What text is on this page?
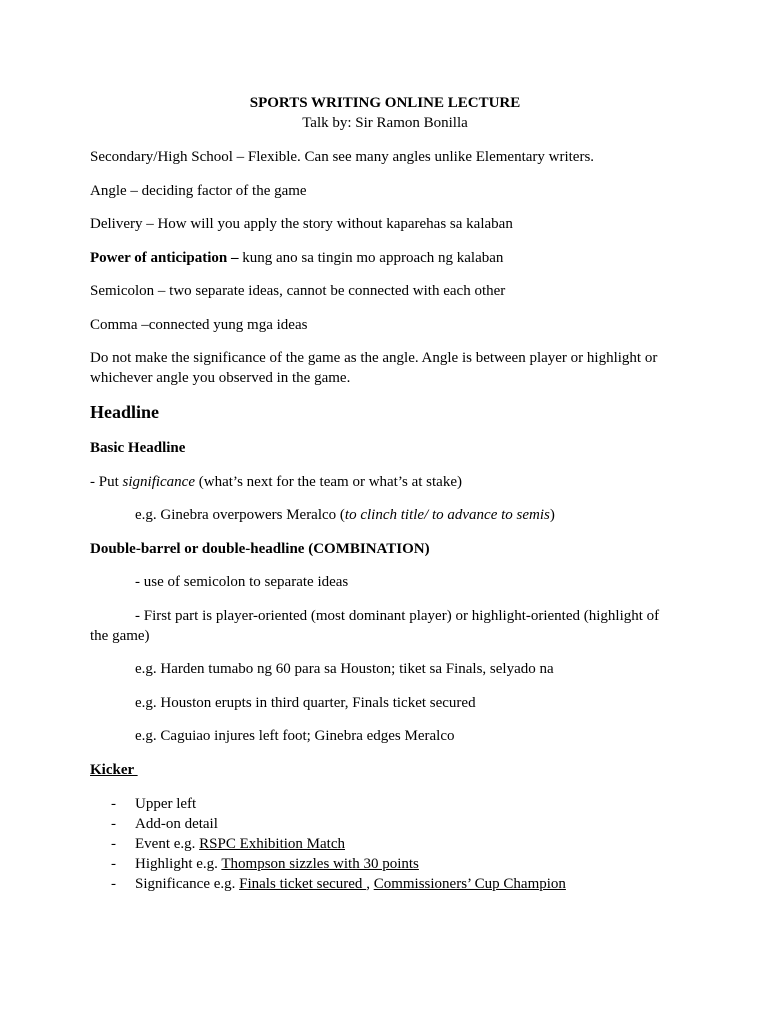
SPORTS WRITING ONLINE LECTURE
Talk by: Sir Ramon Bonilla

Secondary/High School – Flexible. Can see many angles unlike Elementary writers.

Angle – deciding factor of the game

Delivery – How will you apply the story without kaparehas sa kalaban

Power of anticipation – kung ano sa tingin mo approach ng kalaban

Semicolon – two separate ideas, cannot be connected with each other

Comma –connected yung mga ideas

Do not make the significance of the game as the angle. Angle is between player or highlight or whichever angle you observed in the game.

Headline

Basic Headline

- Put significance (what’s next for the team or what’s at stake)

e.g. Ginebra overpowers Meralco (to clinch title/ to advance to semis)

Double-barrel or double-headline (COMBINATION)

- use of semicolon to separate ideas

- First part is player-oriented (most dominant player) or highlight-oriented (highlight of the game)

e.g. Harden tumabo ng 60 para sa Houston; tiket sa Finals, selyado na

e.g. Houston erupts in third quarter, Finals ticket secured

e.g. Caguiao injures left foot; Ginebra edges Meralco

Kicker

- Upper left
- Add-on detail
- Event e.g. RSPC Exhibition Match
- Highlight e.g. Thompson sizzles with 30 points
- Significance e.g. Finals ticket secured , Commissioners’ Cup Champion
